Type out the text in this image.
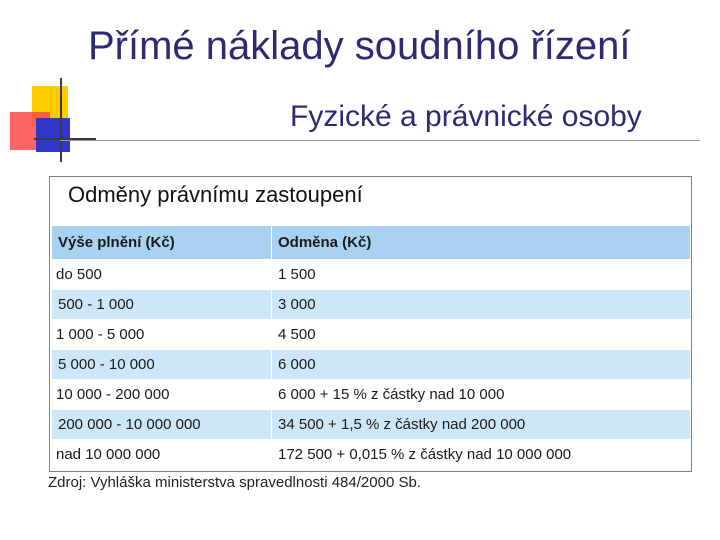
Přímé náklady soudního řízení
Fyzické a právnické osoby
Odměny právnímu zastoupení
Výše plnění (Kč)	Odměna (Kč)
do 500	1 500
500 - 1 000	3 000
1 000 - 5 000	4 500
5 000 - 10 000	6 000
10 000 - 200 000	6 000 + 15 % z částky nad 10 000
200 000 - 10 000 000	34 500 + 1,5 % z částky nad 200 000
nad 10 000 000	172 500 + 0,015 % z částky nad 10 000 000
Zdroj: Vyhláška ministerstva spravedlnosti 484/2000 Sb.
